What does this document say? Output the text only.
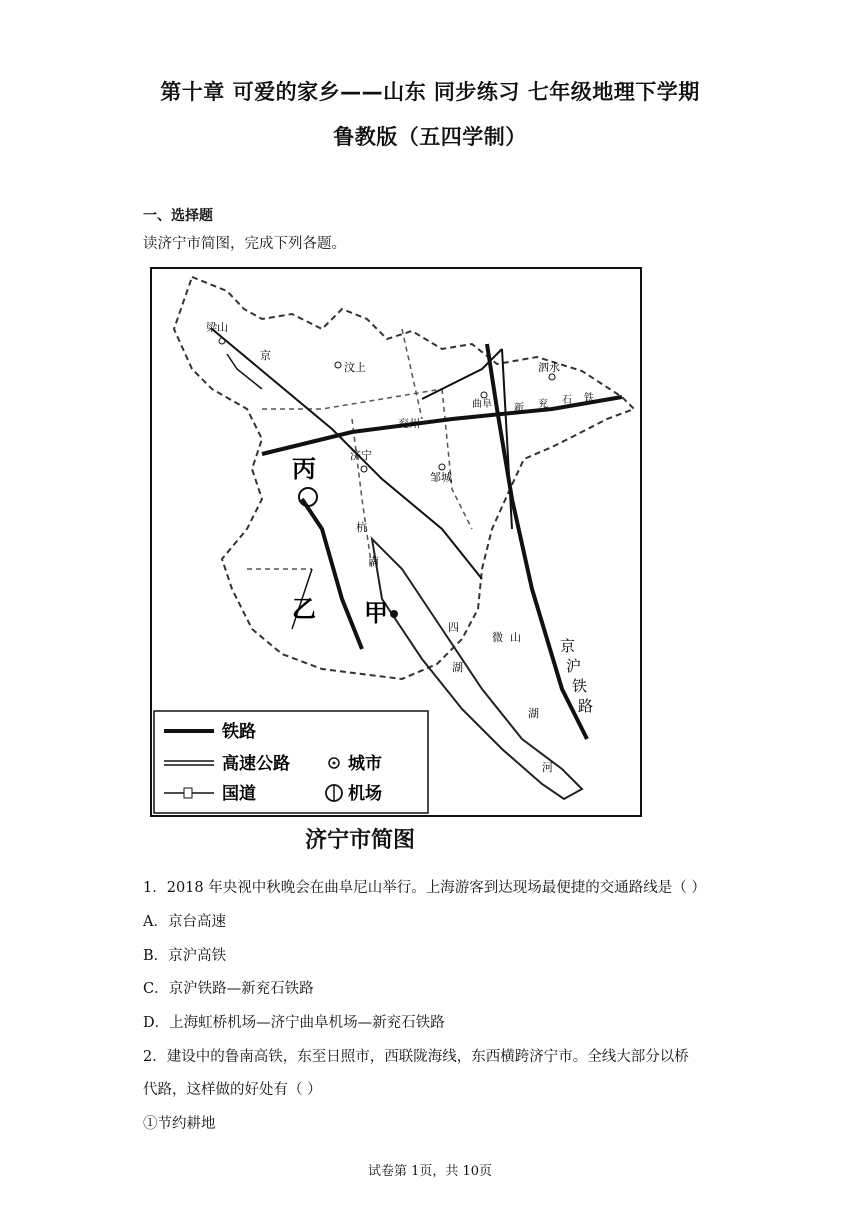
第十章 可爱的家乡——山东 同步练习 七年级地理下学期
鲁教版（五四学制）
一、选择题
读济宁市简图，完成下列各题。
梁山
京
汶上	泗水
曲阜 新 兖 石 铁
兖州
济宁
邹城
丙
乙 甲
杭
南
四
湖
微 山
湖
河
京
沪
铁
路
铁路
高速公路	城市
国道	机场
济宁市简图
1．2018 年央视中秋晚会在曲阜尼山举行。上海游客到达现场最便捷的交通路线是（ ）
A．京台高速
B．京沪高铁
C．京沪铁路—新兖石铁路
D．上海虹桥机场—济宁曲阜机场—新兖石铁路
2．建设中的鲁南高铁，东至日照市，西联陇海线，东西横跨济宁市。全线大部分以桥
代路，这样做的好处有（ ）
①节约耕地
试卷第 1页，共 10页
